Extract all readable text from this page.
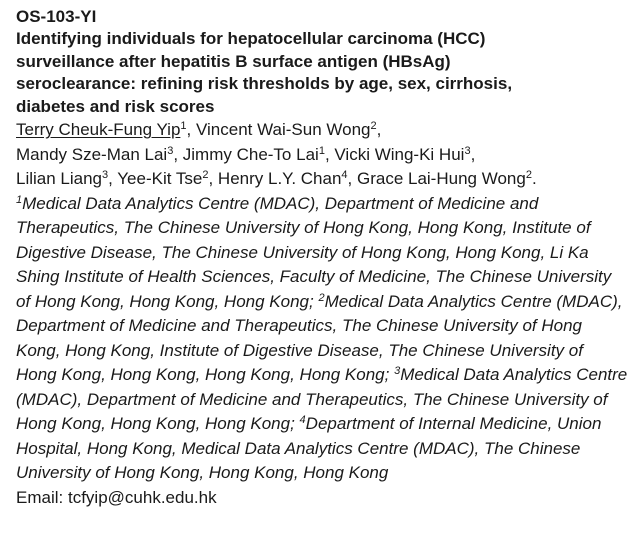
OS-103-YI

Identifying individuals for hepatocellular carcinoma (HCC)
surveillance after hepatitis B surface antigen (HBsAg)
seroclearance: refining risk thresholds by age, sex, cirrhosis,
diabetes and risk scores

Terry Cheuk-Fung Yip$^1$, Vincent Wai-Sun Wong$^2$,
Mandy Sze-Man Lai$^3$, Jimmy Che-To Lai$^1$, Vicki Wing-Ki Hui$^3$,
Lilian Liang$^3$, Yee-Kit Tse$^2$, Henry L.Y. Chan$^4$, Grace Lai-Hung Wong$^2$.

$^1$Medical Data Analytics Centre (MDAC), Department of Medicine and Therapeutics, The Chinese University of Hong Kong, Hong Kong, Institute of Digestive Disease, The Chinese University of Hong Kong, Hong Kong, Li Ka Shing Institute of Health Sciences, Faculty of Medicine, The Chinese University of Hong Kong, Hong Kong, Hong Kong; $^2$Medical Data Analytics Centre (MDAC), Department of Medicine and Therapeutics, The Chinese University of Hong Kong, Hong Kong, Institute of Digestive Disease, The Chinese University of Hong Kong, Hong Kong, Hong Kong, Hong Kong; $^3$Medical Data Analytics Centre (MDAC), Department of Medicine and Therapeutics, The Chinese University of Hong Kong, Hong Kong, Hong Kong; $^4$Department of Internal Medicine, Union Hospital, Hong Kong, Medical Data Analytics Centre (MDAC), The Chinese University of Hong Kong, Hong Kong, Hong Kong

Email: tcfyip@cuhk.edu.hk
